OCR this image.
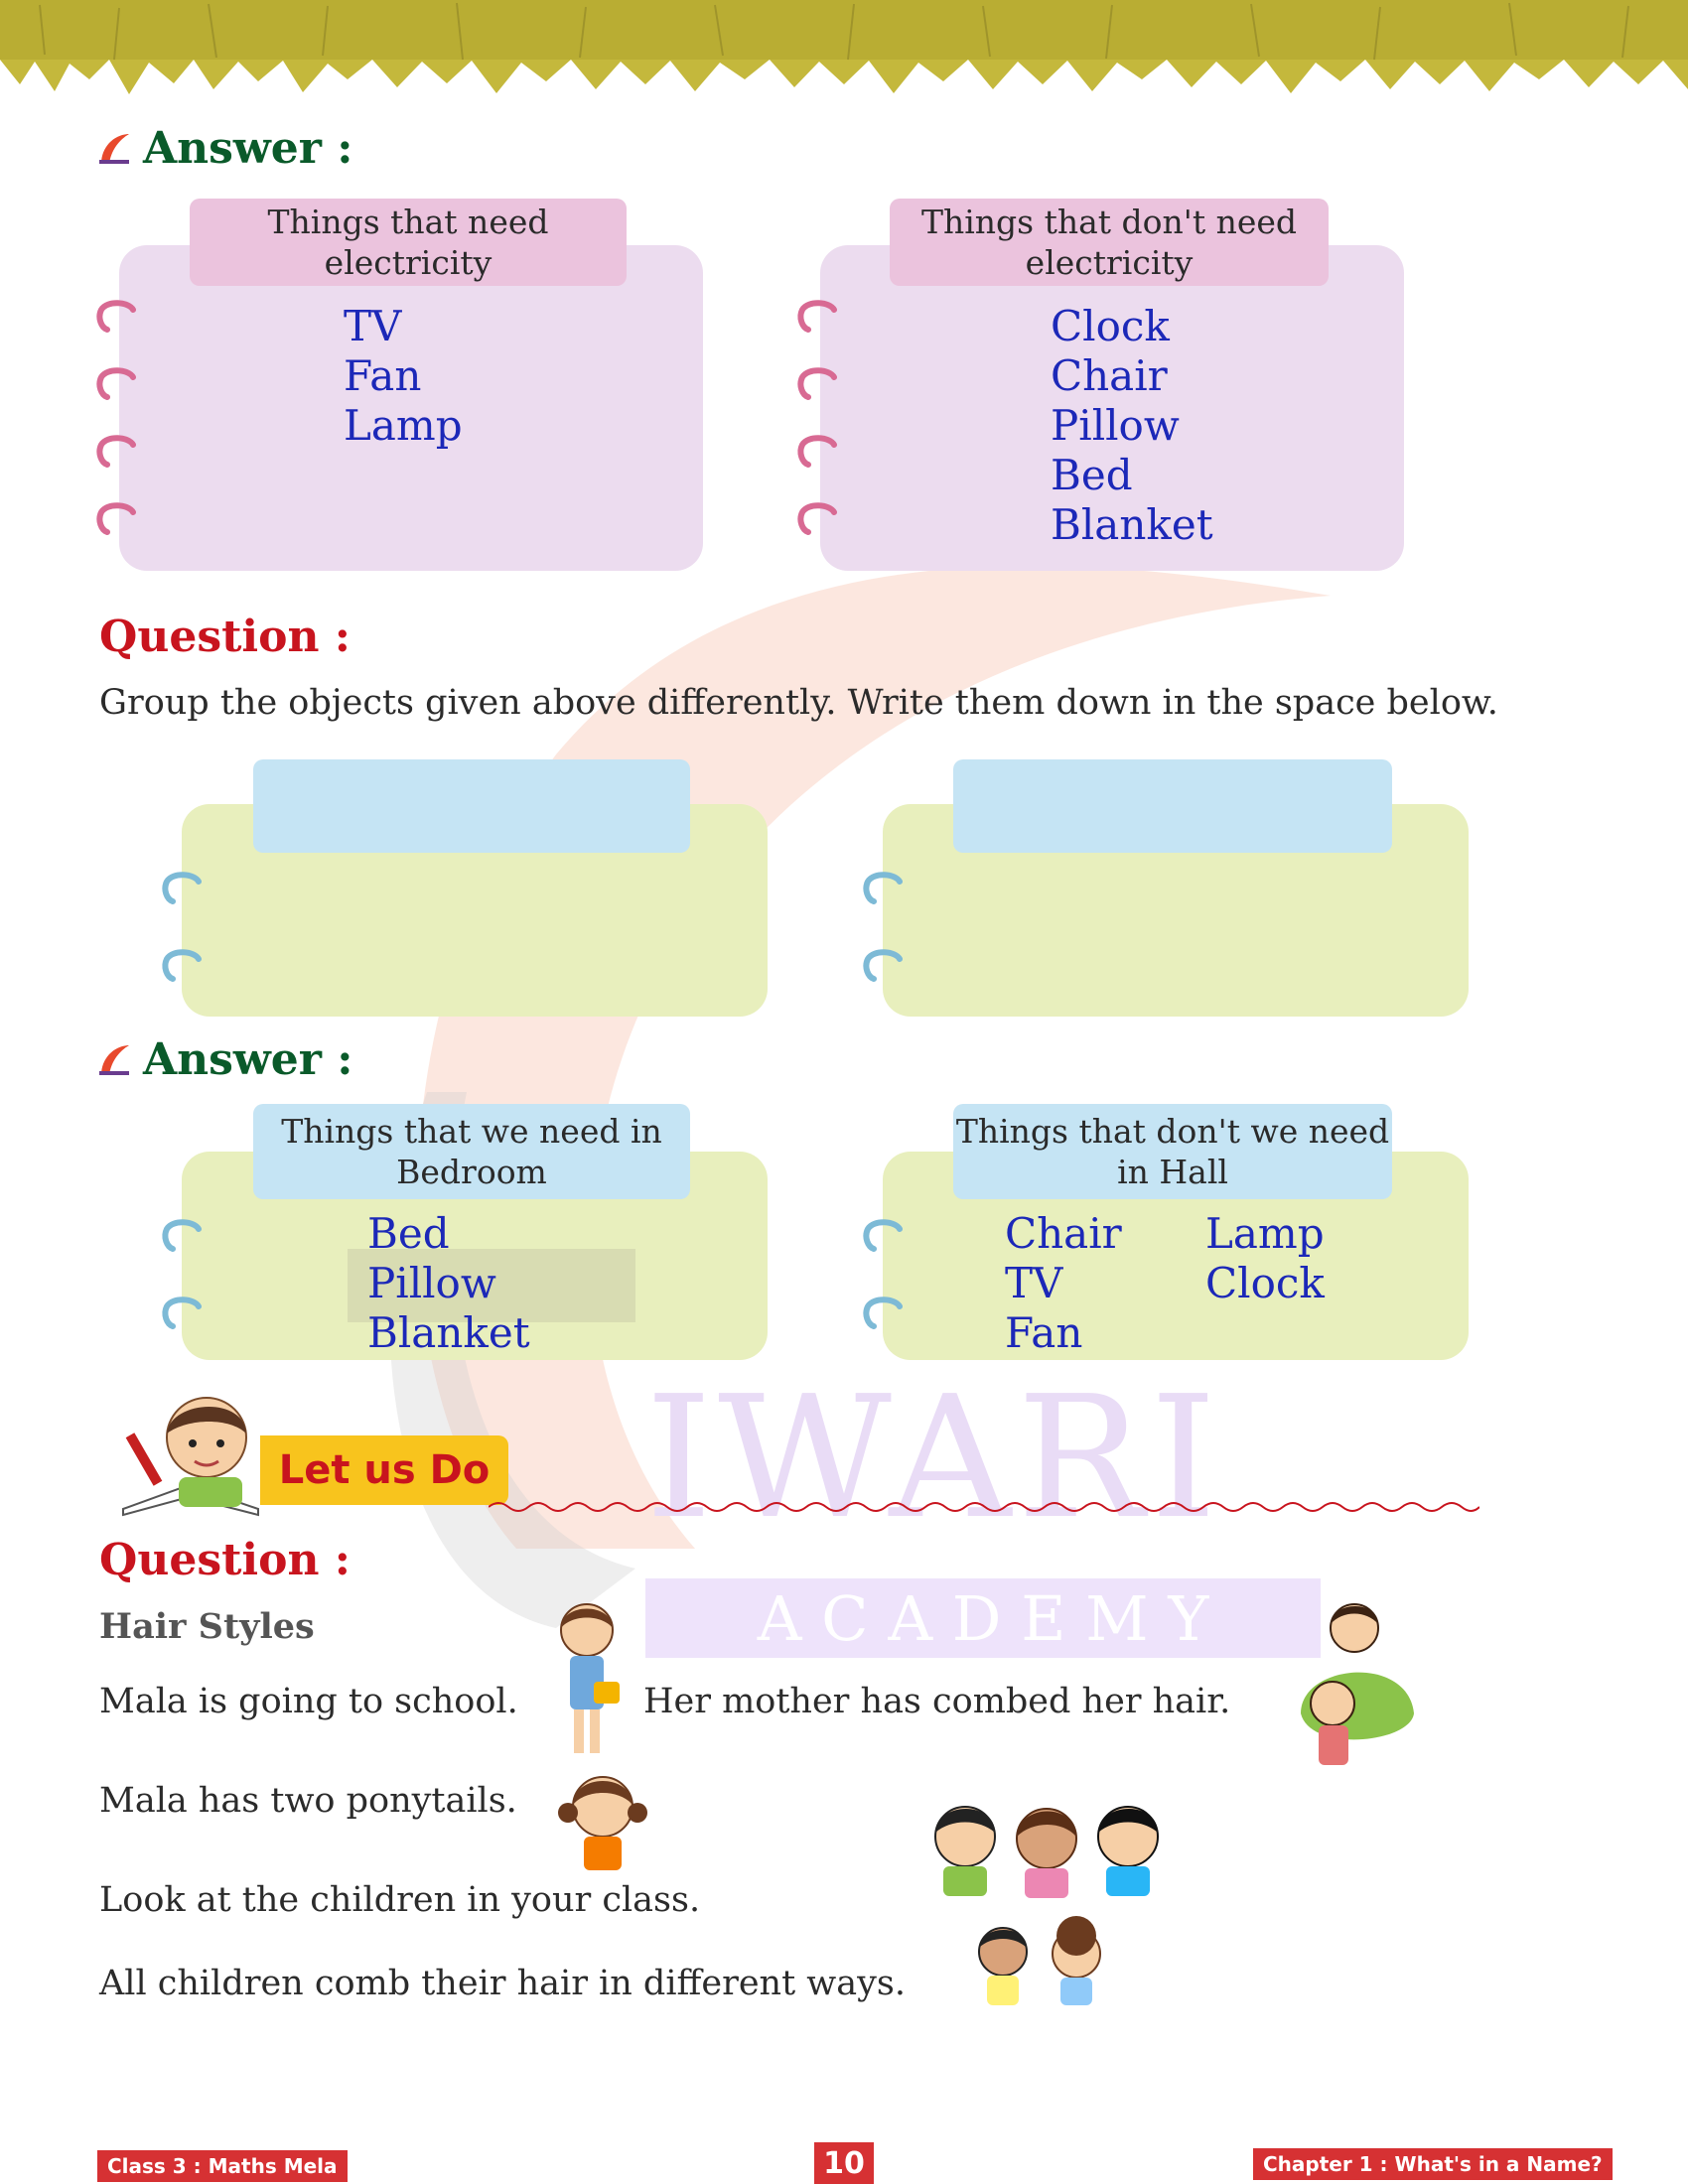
IWARI
A C A D E M Y
Answer :
Things that need electricity
TV
Fan
Lamp
Things that don't need electricity
Clock
Chair
Pillow
Bed
Blanket
Question :
Group the objects given above differently. Write them down in the space below.
Answer :
Things that we need in Bedroom
Bed
Pillow
Blanket
Things that don't we need in Hall
Chair
TV
Fan
Lamp
Clock
Let us Do
Question :
Hair Styles
Mala is going to school.	Her mother has combed her hair.
Mala has two ponytails.
Look at the children in your class.
All children comb their hair in different ways.
Class 3 : Maths Mela	10	Chapter 1 : What's in a Name?
